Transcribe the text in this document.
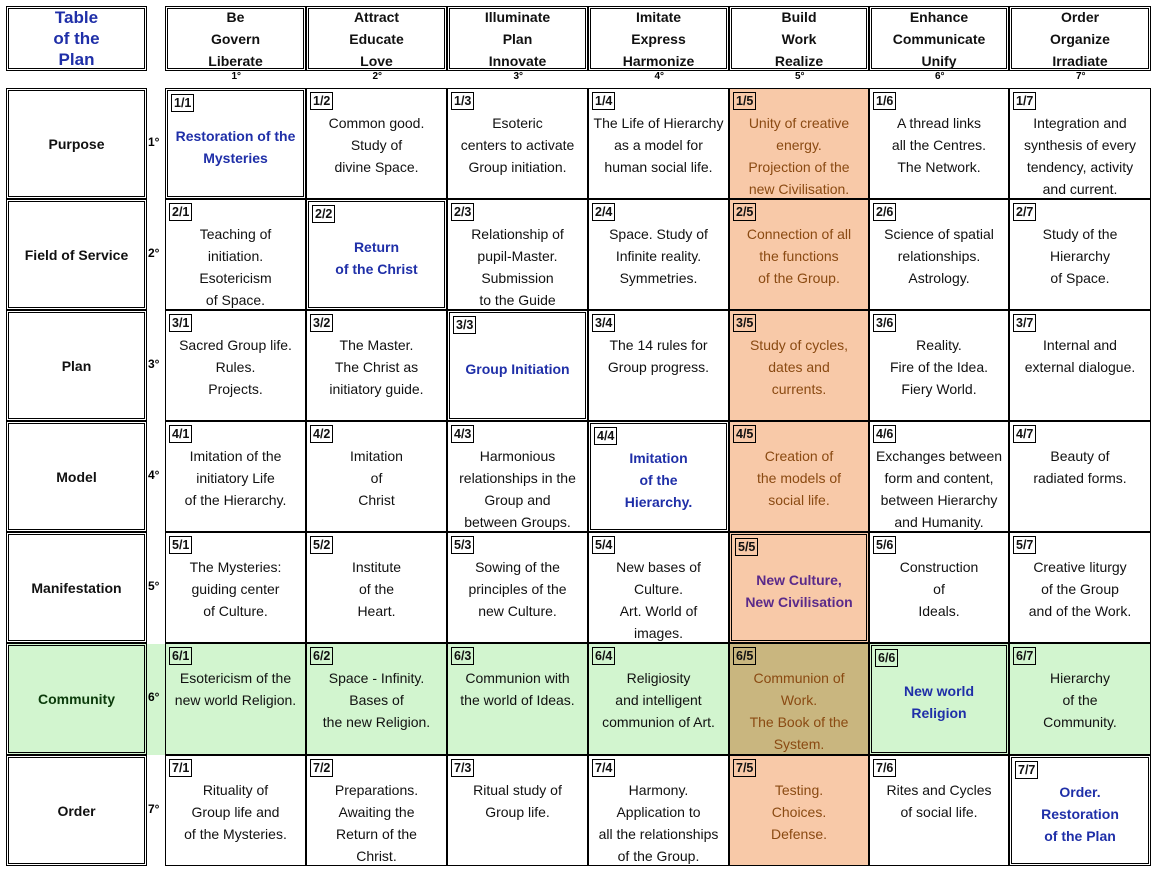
Table
of the
Plan
Be
Govern
Liberate
1°
Attract
Educate
Love
2°
Illuminate
Plan
Innovate
3°
Imitate
Express
Harmonize
4°
Build
Work
Realize
5°
Enhance
Communicate
Unify
6°
Order
Organize
Irradiate
7°
Purpose	1°
1/1
Restoration of the
Mysteries
1/2
Common good.
Study of
divine Space.
1/3
Esoteric
centers to activate
Group initiation.
1/4
The Life of Hierarchy
as a model for
human social life.
1/5
Unity of creative
energy.
Projection of the
new Civilisation.
1/6
A thread links
all the Centres.
The Network.
1/7
Integration and
synthesis of every
tendency, activity
and current.
Field of Service 2°
2/1
Teaching of
initiation.
Esotericism
of Space.
2/2
Return
of the Christ
2/3
Relationship of
pupil-Master.
Submission
to the Guide
2/4
Space. Study of
Infinite reality.
Symmetries.
2/5
Connection of all
the functions
of the Group.
2/6
Science of spatial
relationships.
Astrology.
2/7
Study of the
Hierarchy
of Space.
Plan	3°
3/1
Sacred Group life.
Rules.
Projects.
3/2
The Master.
The Christ as
initiatory guide.
3/3
Group Initiation
3/4
The 14 rules for
Group progress.
3/5
Study of cycles,
dates and
currents.
3/6
Reality.
Fire of the Idea.
Fiery World.
3/7
Internal and
external dialogue.
Model	4°
4/1
Imitation of the
initiatory Life
of the Hierarchy.
4/2
Imitation
of
Christ
4/3
Harmonious
relationships in the
Group and
between Groups.
4/4
Imitation
of the
Hierarchy.
4/5
Creation of
the models of
social life.
4/6
Exchanges between
form and content,
between Hierarchy
and Humanity.
4/7
Beauty of
radiated forms.
Manifestation 5°
5/1
The Mysteries:
guiding center
of Culture.
5/2
Institute
of the
Heart.
5/3
Sowing of the
principles of the
new Culture.
5/4
New bases of
Culture.
Art. World of
images.
5/5
New Culture,
New Civilisation
5/6
Construction
of
Ideals.
5/7
Creative liturgy
of the Group
and of the Work.
Community	6°
6/1
Esotericism of the
new world Religion.
6/2
Space - Infinity.
Bases of
the new Religion.
6/3
Communion with
the world of Ideas.
6/4
Religiosity
and intelligent
communion of Art.
6/5
Communion of
Work.
The Book of the
System.
6/6
New world
Religion
6/7
Hierarchy
of the
Community.
Order	7°
7/1
Rituality of
Group life and
of the Mysteries.
7/2
Preparations.
Awaiting the
Return of the
Christ.
7/3
Ritual study of
Group life.
7/4
Harmony.
Application to
all the relationships
of the Group.
7/5
Testing.
Choices.
Defense.
7/6
Rites and Cycles
of social life.
7/7
Order.
Restoration
of the Plan
